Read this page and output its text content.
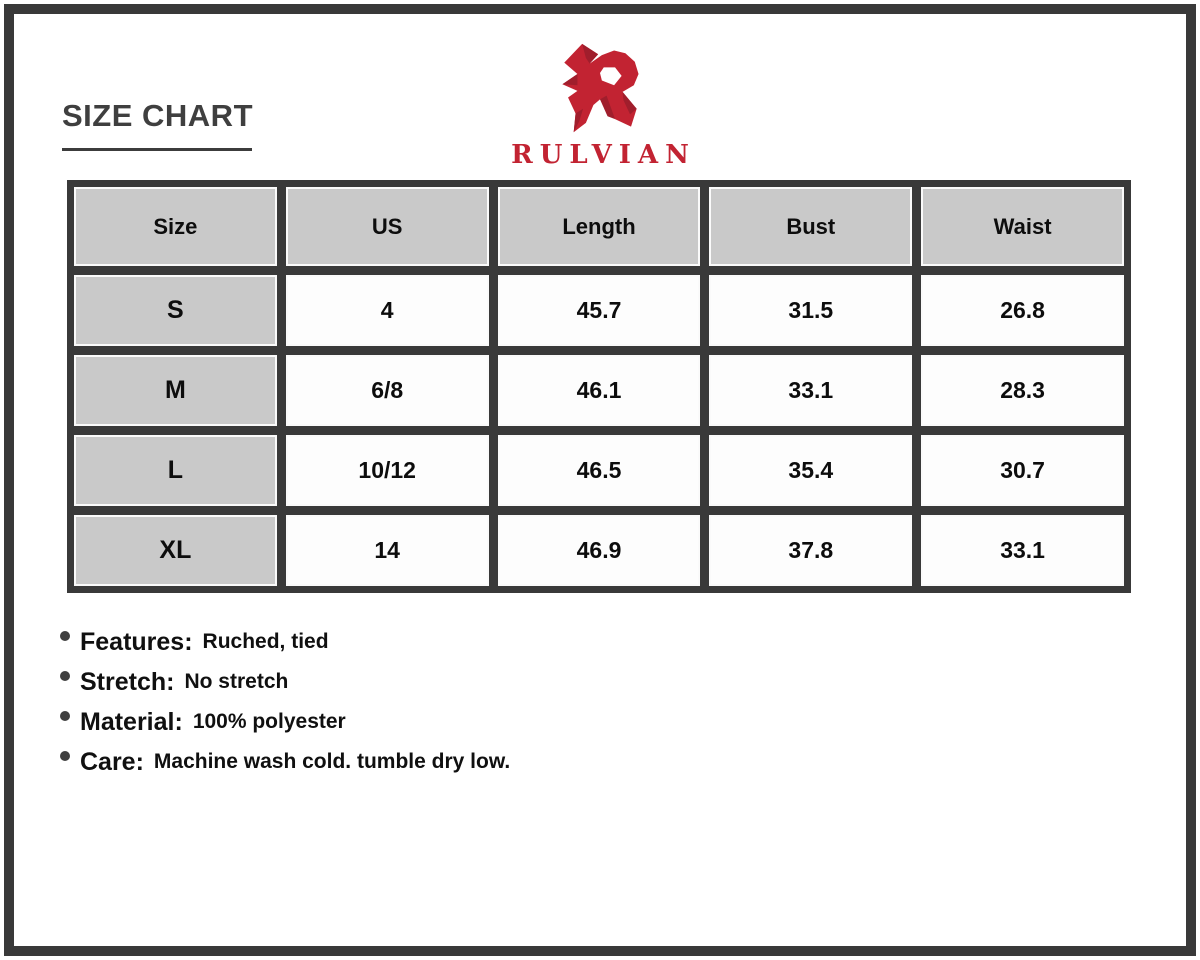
SIZE CHART
RULVIAN
Size	US	Length	Bust	Waist
S	4	45.7	31.5	26.8
M	6/8	46.1	33.1	28.3
L	10/12	46.5	35.4	30.7
XL	14	46.9	37.8	33.1
Features: Ruched, tied
Stretch: No stretch
Material: 100% polyester
Care: Machine wash cold. tumble dry low.
